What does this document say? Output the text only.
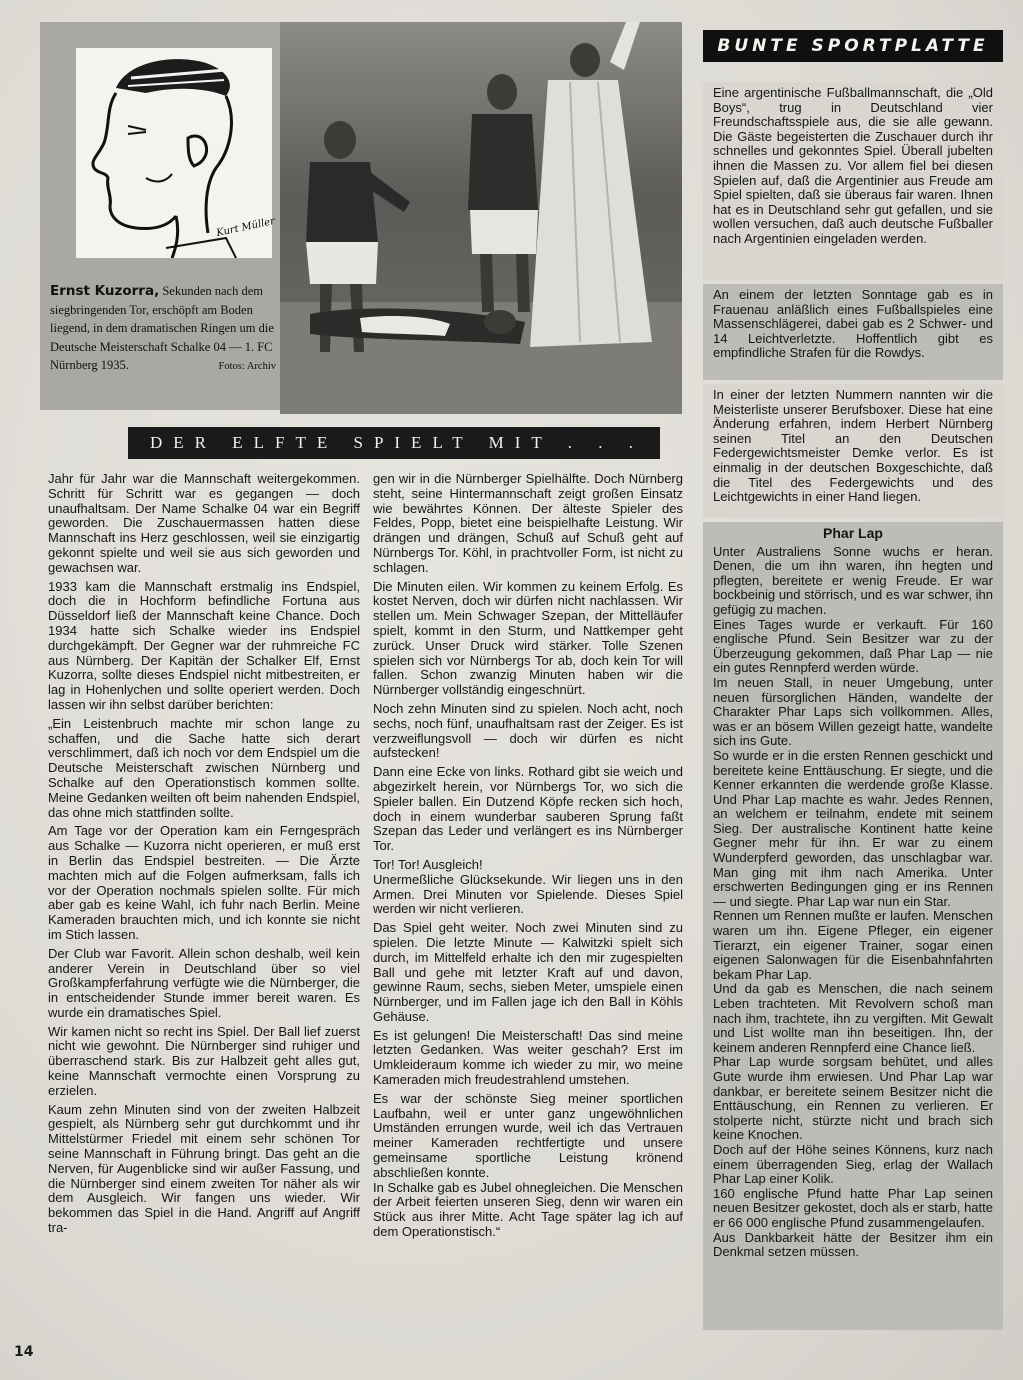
Kurt Müller
Ernst Kuzorra, Sekunden nach dem siegbringenden Tor, erschöpft am Boden liegend, in dem dramatischen Ringen um die Deutsche Meisterschaft Schalke 04 — 1. FC Nürnberg 1935.	Fotos: Archiv
DER ELFTE SPIELT MIT . . .

Jahr für Jahr war die Mannschaft weitergekommen. Schritt für Schritt war es gegangen — doch unaufhaltsam. Der Name Schalke 04 war ein Begriff geworden. Die Zuschauermassen hatten diese Mannschaft ins Herz geschlossen, weil sie einzigartig gekonnt spielte und weil sie aus sich geworden und gewachsen war.

1933 kam die Mannschaft erstmalig ins Endspiel, doch die in Hochform befindliche Fortuna aus Düsseldorf ließ der Mannschaft keine Chance. Doch 1934 hatte sich Schalke wieder ins Endspiel durchgekämpft. Der Gegner war der ruhmreiche FC aus Nürnberg. Der Kapitän der Schalker Elf, Ernst Kuzorra, sollte dieses Endspiel nicht mitbestreiten, er lag in Hohenlychen und sollte operiert werden. Doch lassen wir ihn selbst darüber berichten:

„Ein Leistenbruch machte mir schon lange zu schaffen, und die Sache hatte sich derart verschlimmert, daß ich noch vor dem Endspiel um die Deutsche Meisterschaft zwischen Nürnberg und Schalke auf den Operationstisch kommen sollte. Meine Gedanken weilten oft beim nahenden Endspiel, das ohne mich stattfinden sollte.

Am Tage vor der Operation kam ein Ferngespräch aus Schalke — Kuzorra nicht operieren, er muß erst in Berlin das Endspiel bestreiten. — Die Ärzte machten mich auf die Folgen aufmerksam, falls ich vor der Operation nochmals spielen sollte. Für mich aber gab es keine Wahl, ich fuhr nach Berlin. Meine Kameraden brauchten mich, und ich konnte sie nicht im Stich lassen.

Der Club war Favorit. Allein schon deshalb, weil kein anderer Verein in Deutschland über so viel Großkampferfahrung verfügte wie die Nürnberger, die in entscheidender Stunde immer bereit waren. Es wurde ein dramatisches Spiel.

Wir kamen nicht so recht ins Spiel. Der Ball lief zuerst nicht wie gewohnt. Die Nürnberger sind ruhiger und überraschend stark. Bis zur Halbzeit geht alles gut, keine Mannschaft vermochte einen Vorsprung zu erzielen.

Kaum zehn Minuten sind von der zweiten Halbzeit gespielt, als Nürnberg sehr gut durchkommt und ihr Mittelstürmer Friedel mit einem sehr schönen Tor seine Mannschaft in Führung bringt. Das geht an die Nerven, für Augenblicke sind wir außer Fassung, und die Nürnberger sind einem zweiten Tor näher als wir dem Ausgleich. Wir fangen uns wieder. Wir bekommen das Spiel in die Hand. Angriff auf Angriff tra-

gen wir in die Nürnberger Spielhälfte. Doch Nürnberg steht, seine Hintermannschaft zeigt großen Einsatz wie bewährtes Können. Der älteste Spieler des Feldes, Popp, bietet eine beispielhafte Leistung. Wir drängen und drängen, Schuß auf Schuß geht auf Nürnbergs Tor. Köhl, in prachtvoller Form, ist nicht zu schlagen.

Die Minuten eilen. Wir kommen zu keinem Erfolg. Es kostet Nerven, doch wir dürfen nicht nachlassen. Wir stellen um. Mein Schwager Szepan, der Mittelläufer spielt, kommt in den Sturm, und Nattkemper geht zurück. Unser Druck wird stärker. Tolle Szenen spielen sich vor Nürnbergs Tor ab, doch kein Tor will fallen. Schon zwanzig Minuten haben wir die Nürnberger vollständig eingeschnürt.

Noch zehn Minuten sind zu spielen. Noch acht, noch sechs, noch fünf, unaufhaltsam rast der Zeiger. Es ist verzweiflungsvoll — doch wir dürfen es nicht aufstecken!

Dann eine Ecke von links. Rothard gibt sie weich und abgezirkelt herein, vor Nürnbergs Tor, wo sich die Spieler ballen. Ein Dutzend Köpfe recken sich hoch, doch in einem wunderbar sauberen Sprung faßt Szepan das Leder und verlängert es ins Nürnberger Tor.

Tor! Tor! Ausgleich!

Unermeßliche Glücksekunde. Wir liegen uns in den Armen. Drei Minuten vor Spielende. Dieses Spiel werden wir nicht verlieren.

Das Spiel geht weiter. Noch zwei Minuten sind zu spielen. Die letzte Minute — Kalwitzki spielt sich durch, im Mittelfeld erhalte ich den mir zugespielten Ball und gehe mit letzter Kraft auf und davon, gewinne Raum, sechs, sieben Meter, umspiele einen Nürnberger, und im Fallen jage ich den Ball in Köhls Gehäuse.

Es ist gelungen! Die Meisterschaft! Das sind meine letzten Gedanken. Was weiter geschah? Erst im Umkleideraum komme ich wieder zu mir, wo meine Kameraden mich freudestrahlend umstehen.

Es war der schönste Sieg meiner sportlichen Laufbahn, weil er unter ganz ungewöhnlichen Umständen errungen wurde, weil ich das Vertrauen meiner Kameraden rechtfertigte und unsere gemeinsame sportliche Leistung krönend abschließen konnte.

In Schalke gab es Jubel ohnegleichen. Die Menschen der Arbeit feierten unseren Sieg, denn wir waren ein Stück aus ihrer Mitte. Acht Tage später lag ich auf dem Operationstisch.“

BUNTE SPORTPLATTE

Eine argentinische Fußballmannschaft, die „Old Boys“, trug in Deutschland vier Freundschaftsspiele aus, die sie alle gewann. Die Gäste begeisterten die Zuschauer durch ihr schnelles und gekonntes Spiel. Überall jubelten ihnen die Massen zu. Vor allem fiel bei diesen Spielen auf, daß die Argentinier aus Freude am Spiel spielten, daß sie überaus fair waren. Ihnen hat es in Deutschland sehr gut gefallen, und sie wollen versuchen, daß auch deutsche Fußballer nach Argentinien eingeladen werden.

An einem der letzten Sonntage gab es in Frauenau anläßlich eines Fußballspieles eine Massenschlägerei, dabei gab es 2 Schwer- und 14 Leichtverletzte. Hoffentlich gibt es empfindliche Strafen für die Rowdys.

In einer der letzten Nummern nannten wir die Meisterliste unserer Berufsboxer. Diese hat eine Änderung erfahren, indem Herbert Nürnberg seinen Titel an den Deutschen Federgewichtsmeister Demke verlor. Es ist einmalig in der deutschen Boxgeschichte, daß die Titel des Federgewichts und des Leichtgewichts in einer Hand liegen.

Phar Lap

Unter Australiens Sonne wuchs er heran. Denen, die um ihn waren, ihn hegten und pflegten, bereitete er wenig Freude. Er war bockbeinig und störrisch, und es war schwer, ihn gefügig zu machen.

Eines Tages wurde er verkauft. Für 160 englische Pfund. Sein Besitzer war zu der Überzeugung gekommen, daß Phar Lap — nie ein gutes Rennpferd werden würde.

Im neuen Stall, in neuer Umgebung, unter neuen fürsorglichen Händen, wandelte der Charakter Phar Laps sich vollkommen. Alles, was er an bösem Willen gezeigt hatte, wandelte sich ins Gute.

So wurde er in die ersten Rennen geschickt und bereitete keine Enttäuschung. Er siegte, und die Kenner erkannten die werdende große Klasse. Und Phar Lap machte es wahr. Jedes Rennen, an welchem er teilnahm, endete mit seinem Sieg. Der australische Kontinent hatte keine Gegner mehr für ihn. Er war zu einem Wunderpferd geworden, das unschlagbar war. Man ging mit ihm nach Amerika. Unter erschwerten Bedingungen ging er ins Rennen — und siegte. Phar Lap war nun ein Star.

Rennen um Rennen mußte er laufen. Menschen waren um ihn. Eigene Pfleger, ein eigener Tierarzt, ein eigener Trainer, sogar einen eigenen Salonwagen für die Eisenbahnfahrten bekam Phar Lap.

Und da gab es Menschen, die nach seinem Leben trachteten. Mit Revolvern schoß man nach ihm, trachtete, ihn zu vergiften. Mit Gewalt und List wollte man ihn beseitigen. Ihn, der keinem anderen Rennpferd eine Chance ließ.

Phar Lap wurde sorgsam behütet, und alles Gute wurde ihm erwiesen. Und Phar Lap war dankbar, er bereitete seinem Besitzer nicht die Enttäuschung, ein Rennen zu verlieren. Er stolperte nicht, stürzte nicht und brach sich keine Knochen.

Doch auf der Höhe seines Könnens, kurz nach einem überragenden Sieg, erlag der Wallach Phar Lap einer Kolik.

160 englische Pfund hatte Phar Lap seinen neuen Besitzer gekostet, doch als er starb, hatte er 66 000 englische Pfund zusammengelaufen.

Aus Dankbarkeit hätte der Besitzer ihm ein Denkmal setzen müssen.

14
